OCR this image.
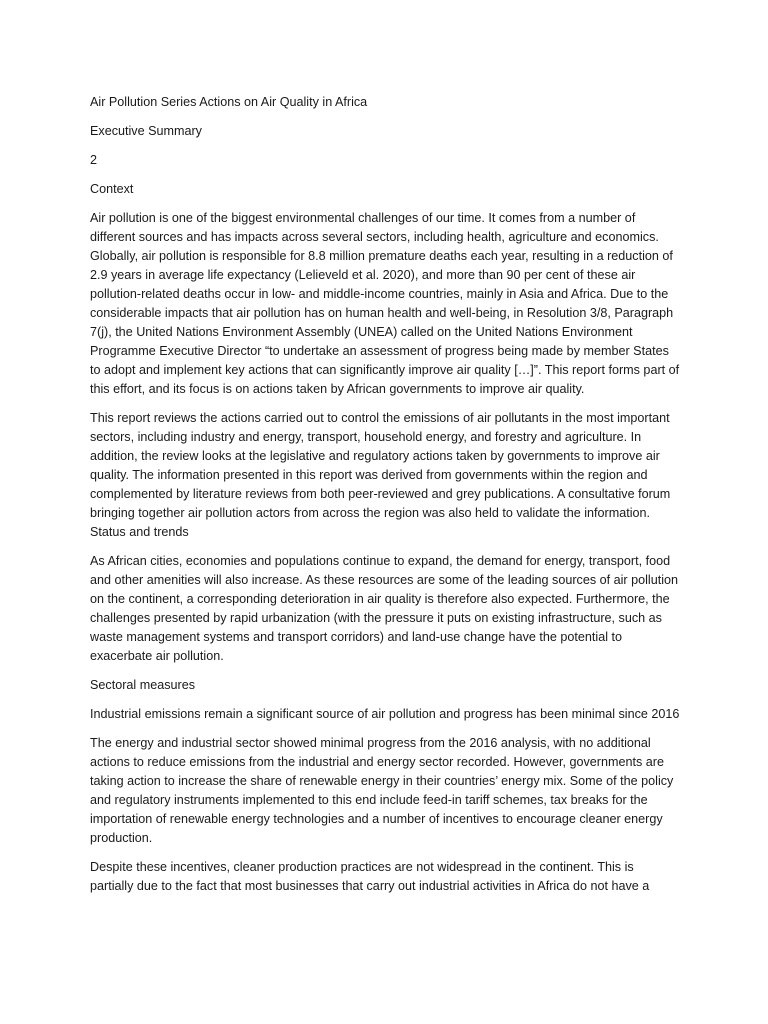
Air Pollution Series Actions on Air Quality in Africa

Executive Summary

2

Context

Air pollution is one of the biggest environmental challenges of our time. It comes from a number of different sources and has impacts across several sectors, including health, agriculture and economics. Globally, air pollution is responsible for 8.8 million premature deaths each year, resulting in a reduction of 2.9 years in average life expectancy (Lelieveld et al. 2020), and more than 90 per cent of these air pollution-related deaths occur in low- and middle-income countries, mainly in Asia and Africa. Due to the considerable impacts that air pollution has on human health and well-being, in Resolution 3/8, Paragraph 7(j), the United Nations Environment Assembly (UNEA) called on the United Nations Environment Programme Executive Director “to undertake an assessment of progress being made by member States to adopt and implement key actions that can significantly improve air quality […]”. This report forms part of this effort, and its focus is on actions taken by African governments to improve air quality.

This report reviews the actions carried out to control the emissions of air pollutants in the most important sectors, including industry and energy, transport, household energy, and forestry and agriculture. In addition, the review looks at the legislative and regulatory actions taken by governments to improve air quality. The information presented in this report was derived from governments within the region and complemented by literature reviews from both peer-reviewed and grey publications. A consultative forum bringing together air pollution actors from across the region was also held to validate the information. Status and trends

As African cities, economies and populations continue to expand, the demand for energy, transport, food and other amenities will also increase. As these resources are some of the leading sources of air pollution on the continent, a corresponding deterioration in air quality is therefore also expected. Furthermore, the challenges presented by rapid urbanization (with the pressure it puts on existing infrastructure, such as waste management systems and transport corridors) and land-use change have the potential to exacerbate air pollution.

Sectoral measures

Industrial emissions remain a significant source of air pollution and progress has been minimal since 2016

The energy and industrial sector showed minimal progress from the 2016 analysis, with no additional actions to reduce emissions from the industrial and energy sector recorded. However, governments are taking action to increase the share of renewable energy in their countries’ energy mix. Some of the policy and regulatory instruments implemented to this end include feed-in tariff schemes, tax breaks for the importation of renewable energy technologies and a number of incentives to encourage cleaner energy production.

Despite these incentives, cleaner production practices are not widespread in the continent. This is partially due to the fact that most businesses that carry out industrial activities in Africa do not have a
